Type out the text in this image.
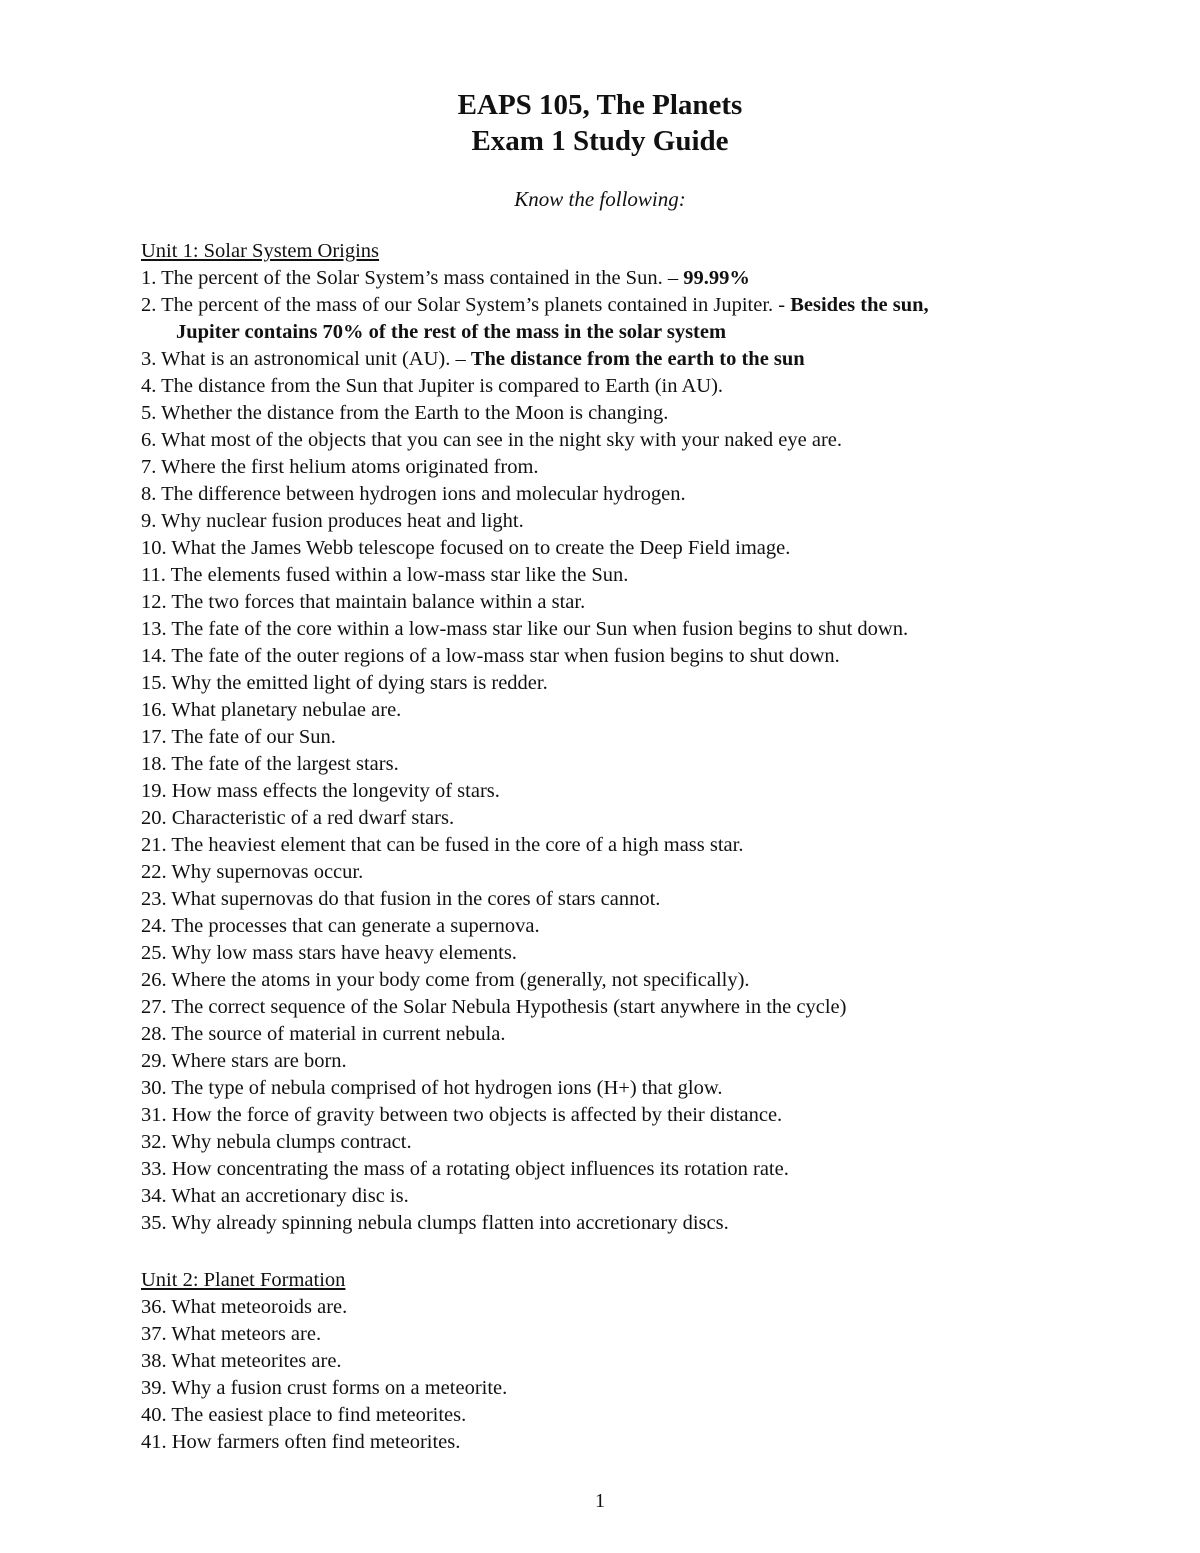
EAPS 105, The Planets
Exam 1 Study Guide
Know the following:
Unit 1: Solar System Origins
1. The percent of the Solar System’s mass contained in the Sun. – 99.99%
2. The percent of the mass of our Solar System’s planets contained in Jupiter. - Besides the sun,
Jupiter contains 70% of the rest of the mass in the solar system
3. What is an astronomical unit (AU). – The distance from the earth to the sun
4. The distance from the Sun that Jupiter is compared to Earth (in AU).
5. Whether the distance from the Earth to the Moon is changing.
6. What most of the objects that you can see in the night sky with your naked eye are.
7. Where the first helium atoms originated from.
8. The difference between hydrogen ions and molecular hydrogen.
9. Why nuclear fusion produces heat and light.
10. What the James Webb telescope focused on to create the Deep Field image.
11. The elements fused within a low-mass star like the Sun.
12. The two forces that maintain balance within a star.
13. The fate of the core within a low-mass star like our Sun when fusion begins to shut down.
14. The fate of the outer regions of a low-mass star when fusion begins to shut down.
15. Why the emitted light of dying stars is redder.
16. What planetary nebulae are.
17. The fate of our Sun.
18. The fate of the largest stars.
19. How mass effects the longevity of stars.
20. Characteristic of a red dwarf stars.
21. The heaviest element that can be fused in the core of a high mass star.
22. Why supernovas occur.
23. What supernovas do that fusion in the cores of stars cannot.
24. The processes that can generate a supernova.
25. Why low mass stars have heavy elements.
26. Where the atoms in your body come from (generally, not specifically).
27. The correct sequence of the Solar Nebula Hypothesis (start anywhere in the cycle)
28. The source of material in current nebula.
29. Where stars are born.
30. The type of nebula comprised of hot hydrogen ions (H+) that glow.
31. How the force of gravity between two objects is affected by their distance.
32. Why nebula clumps contract.
33. How concentrating the mass of a rotating object influences its rotation rate.
34. What an accretionary disc is.
35. Why already spinning nebula clumps flatten into accretionary discs.
Unit 2: Planet Formation
36. What meteoroids are.
37. What meteors are.
38. What meteorites are.
39. Why a fusion crust forms on a meteorite.
40. The easiest place to find meteorites.
41. How farmers often find meteorites.
1
